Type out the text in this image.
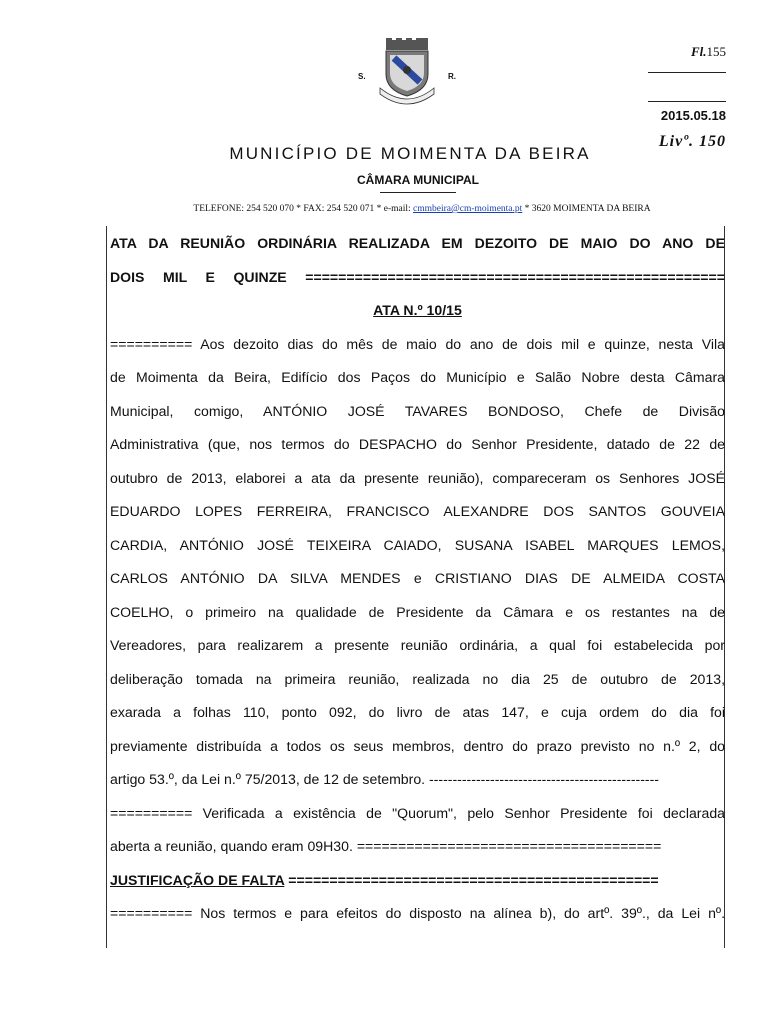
Fl.155
2015.05.18
Livº. 150
S.	R.
MUNICÍPIO DE MOIMENTA DA BEIRA
CÂMARA MUNICIPAL
TELEFONE: 254 520 070 * FAX: 254 520 071 * e-mail: cmmbeira@cm-moimenta.pt * 3620 MOIMENTA DA BEIRA
ATA DA REUNIÃO ORDINÁRIA REALIZADA EM DEZOITO DE MAIO DO ANO DE
DOIS MIL E QUINZE ===================================================
ATA N.º 10/15
========== Aos dezoito dias do mês de maio do ano de dois mil e quinze, nesta Vila
de Moimenta da Beira, Edifício dos Paços do Município e Salão Nobre desta Câmara
Municipal, comigo, ANTÓNIO JOSÉ TAVARES BONDOSO, Chefe de Divisão
Administrativa (que, nos termos do DESPACHO do Senhor Presidente, datado de 22 de
outubro de 2013, elaborei a ata da presente reunião), compareceram os Senhores JOSÉ
EDUARDO LOPES FERREIRA, FRANCISCO ALEXANDRE DOS SANTOS GOUVEIA
CARDIA, ANTÓNIO JOSÉ TEIXEIRA CAIADO, SUSANA ISABEL MARQUES LEMOS,
CARLOS ANTÓNIO DA SILVA MENDES e CRISTIANO DIAS DE ALMEIDA COSTA
COELHO, o primeiro na qualidade de Presidente da Câmara e os restantes na de
Vereadores, para realizarem a presente reunião ordinária, a qual foi estabelecida por
deliberação tomada na primeira reunião, realizada no dia 25 de outubro de 2013,
exarada a folhas 110, ponto 092, do livro de atas 147, e cuja ordem do dia foi
previamente distribuída a todos os seus membros, dentro do prazo previsto no n.º 2, do
artigo 53.º, da Lei n.º 75/2013, de 12 de setembro. -------------------------------------------------
========== Verificada a existência de "Quorum", pelo Senhor Presidente foi declarada
aberta a reunião, quando eram 09H30. =====================================
JUSTIFICAÇÃO DE FALTA =============================================
========== Nos termos e para efeitos do disposto na alínea b), do artº. 39º., da Lei nº.
